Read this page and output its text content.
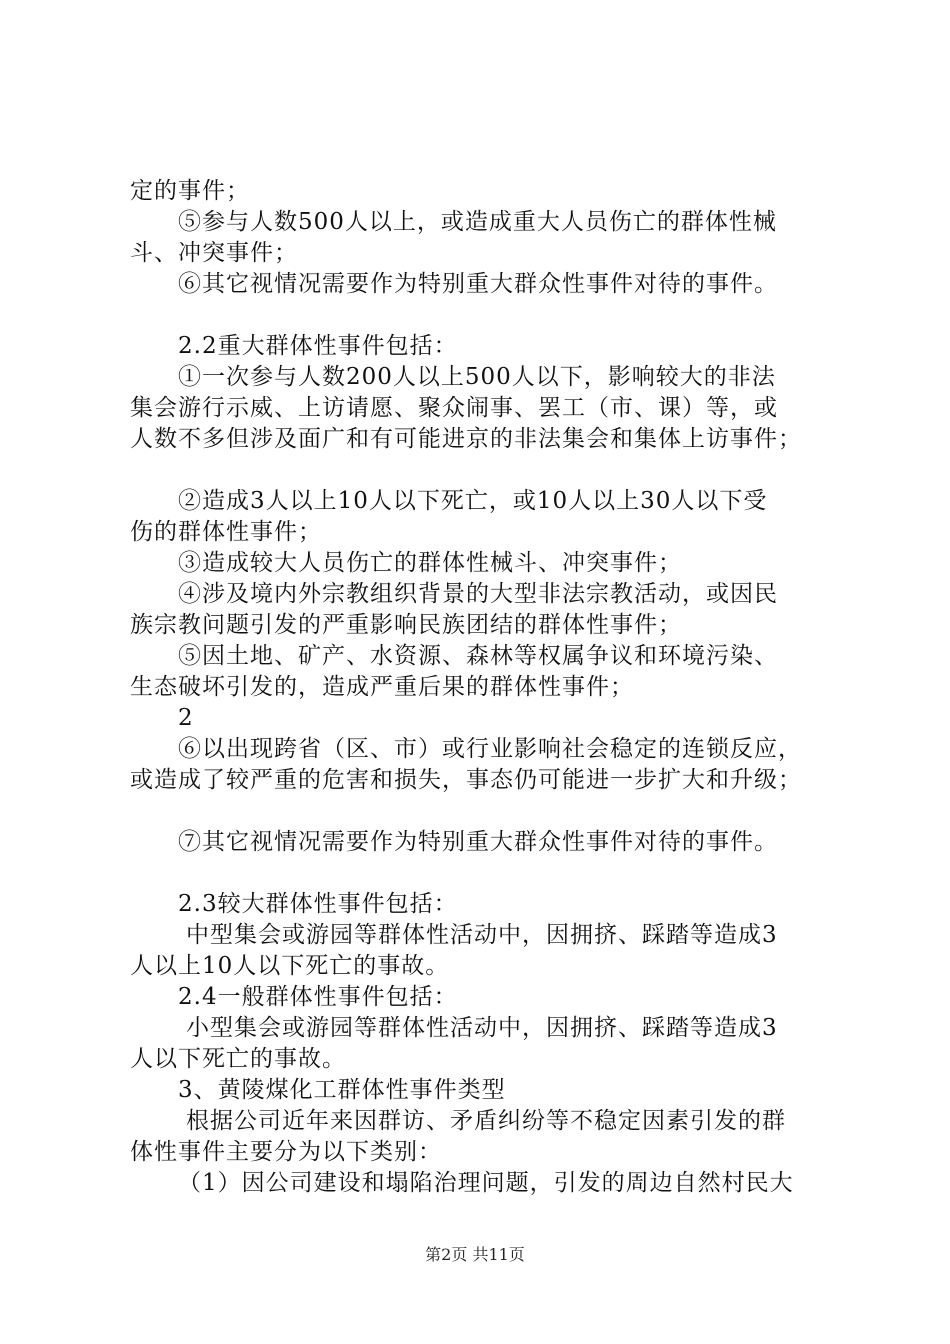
定的事件；
⑤参与人数500人以上，或造成重大人员伤亡的群体性械
斗、冲突事件；
⑥其它视情况需要作为特别重大群众性事件对待的事件。
2.2重大群体性事件包括：
①一次参与人数200人以上500人以下，影响较大的非法
集会游行示威、上访请愿、聚众闹事、罢工（市、课）等，或
人数不多但涉及面广和有可能进京的非法集会和集体上访事件；
②造成3人以上10人以下死亡，或10人以上30人以下受
伤的群体性事件；
③造成较大人员伤亡的群体性械斗、冲突事件；
④涉及境内外宗教组织背景的大型非法宗教活动，或因民
族宗教问题引发的严重影响民族团结的群体性事件；
⑤因土地、矿产、水资源、森林等权属争议和环境污染、
生态破坏引发的，造成严重后果的群体性事件；
2
⑥以出现跨省（区、市）或行业影响社会稳定的连锁反应，
或造成了较严重的危害和损失，事态仍可能进一步扩大和升级；
⑦其它视情况需要作为特别重大群众性事件对待的事件。
2.3较大群体性事件包括：
中型集会或游园等群体性活动中，因拥挤、踩踏等造成3
人以上10人以下死亡的事故。
2.4一般群体性事件包括：
小型集会或游园等群体性活动中，因拥挤、踩踏等造成3
人以下死亡的事故。
3、黄陵煤化工群体性事件类型
根据公司近年来因群访、矛盾纠纷等不稳定因素引发的群
体性事件主要分为以下类别：
（1）因公司建设和塌陷治理问题，引发的周边自然村民大
第2页 共11页
